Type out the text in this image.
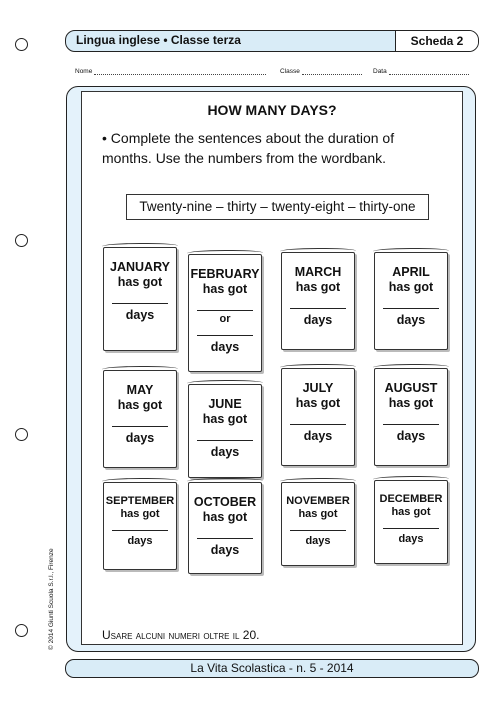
Lingua inglese • Classe terza	Scheda 2
Nome	Classe	Data
HOW MANY DAYS?
• Complete the sentences about the duration of months. Use the numbers from the wordbank.
Twenty-nine – thirty – twenty-eight – thirty-one
JANUARY
has got
days
FEBRUARY
has got
or
days
MARCH
has got
days
APRIL
has got
days
MAY
has got
days
JUNE
has got
days
JULY
has got
days
AUGUST
has got
days
SEPTEMBER
has got
days
OCTOBER
has got
days
NOVEMBER
has got
days
DECEMBER
has got
days
Usare alcuni numeri oltre il 20.
La Vita Scolastica - n. 5 - 2014
© 2014 Giunti Scuola S.r.l., Firenze
